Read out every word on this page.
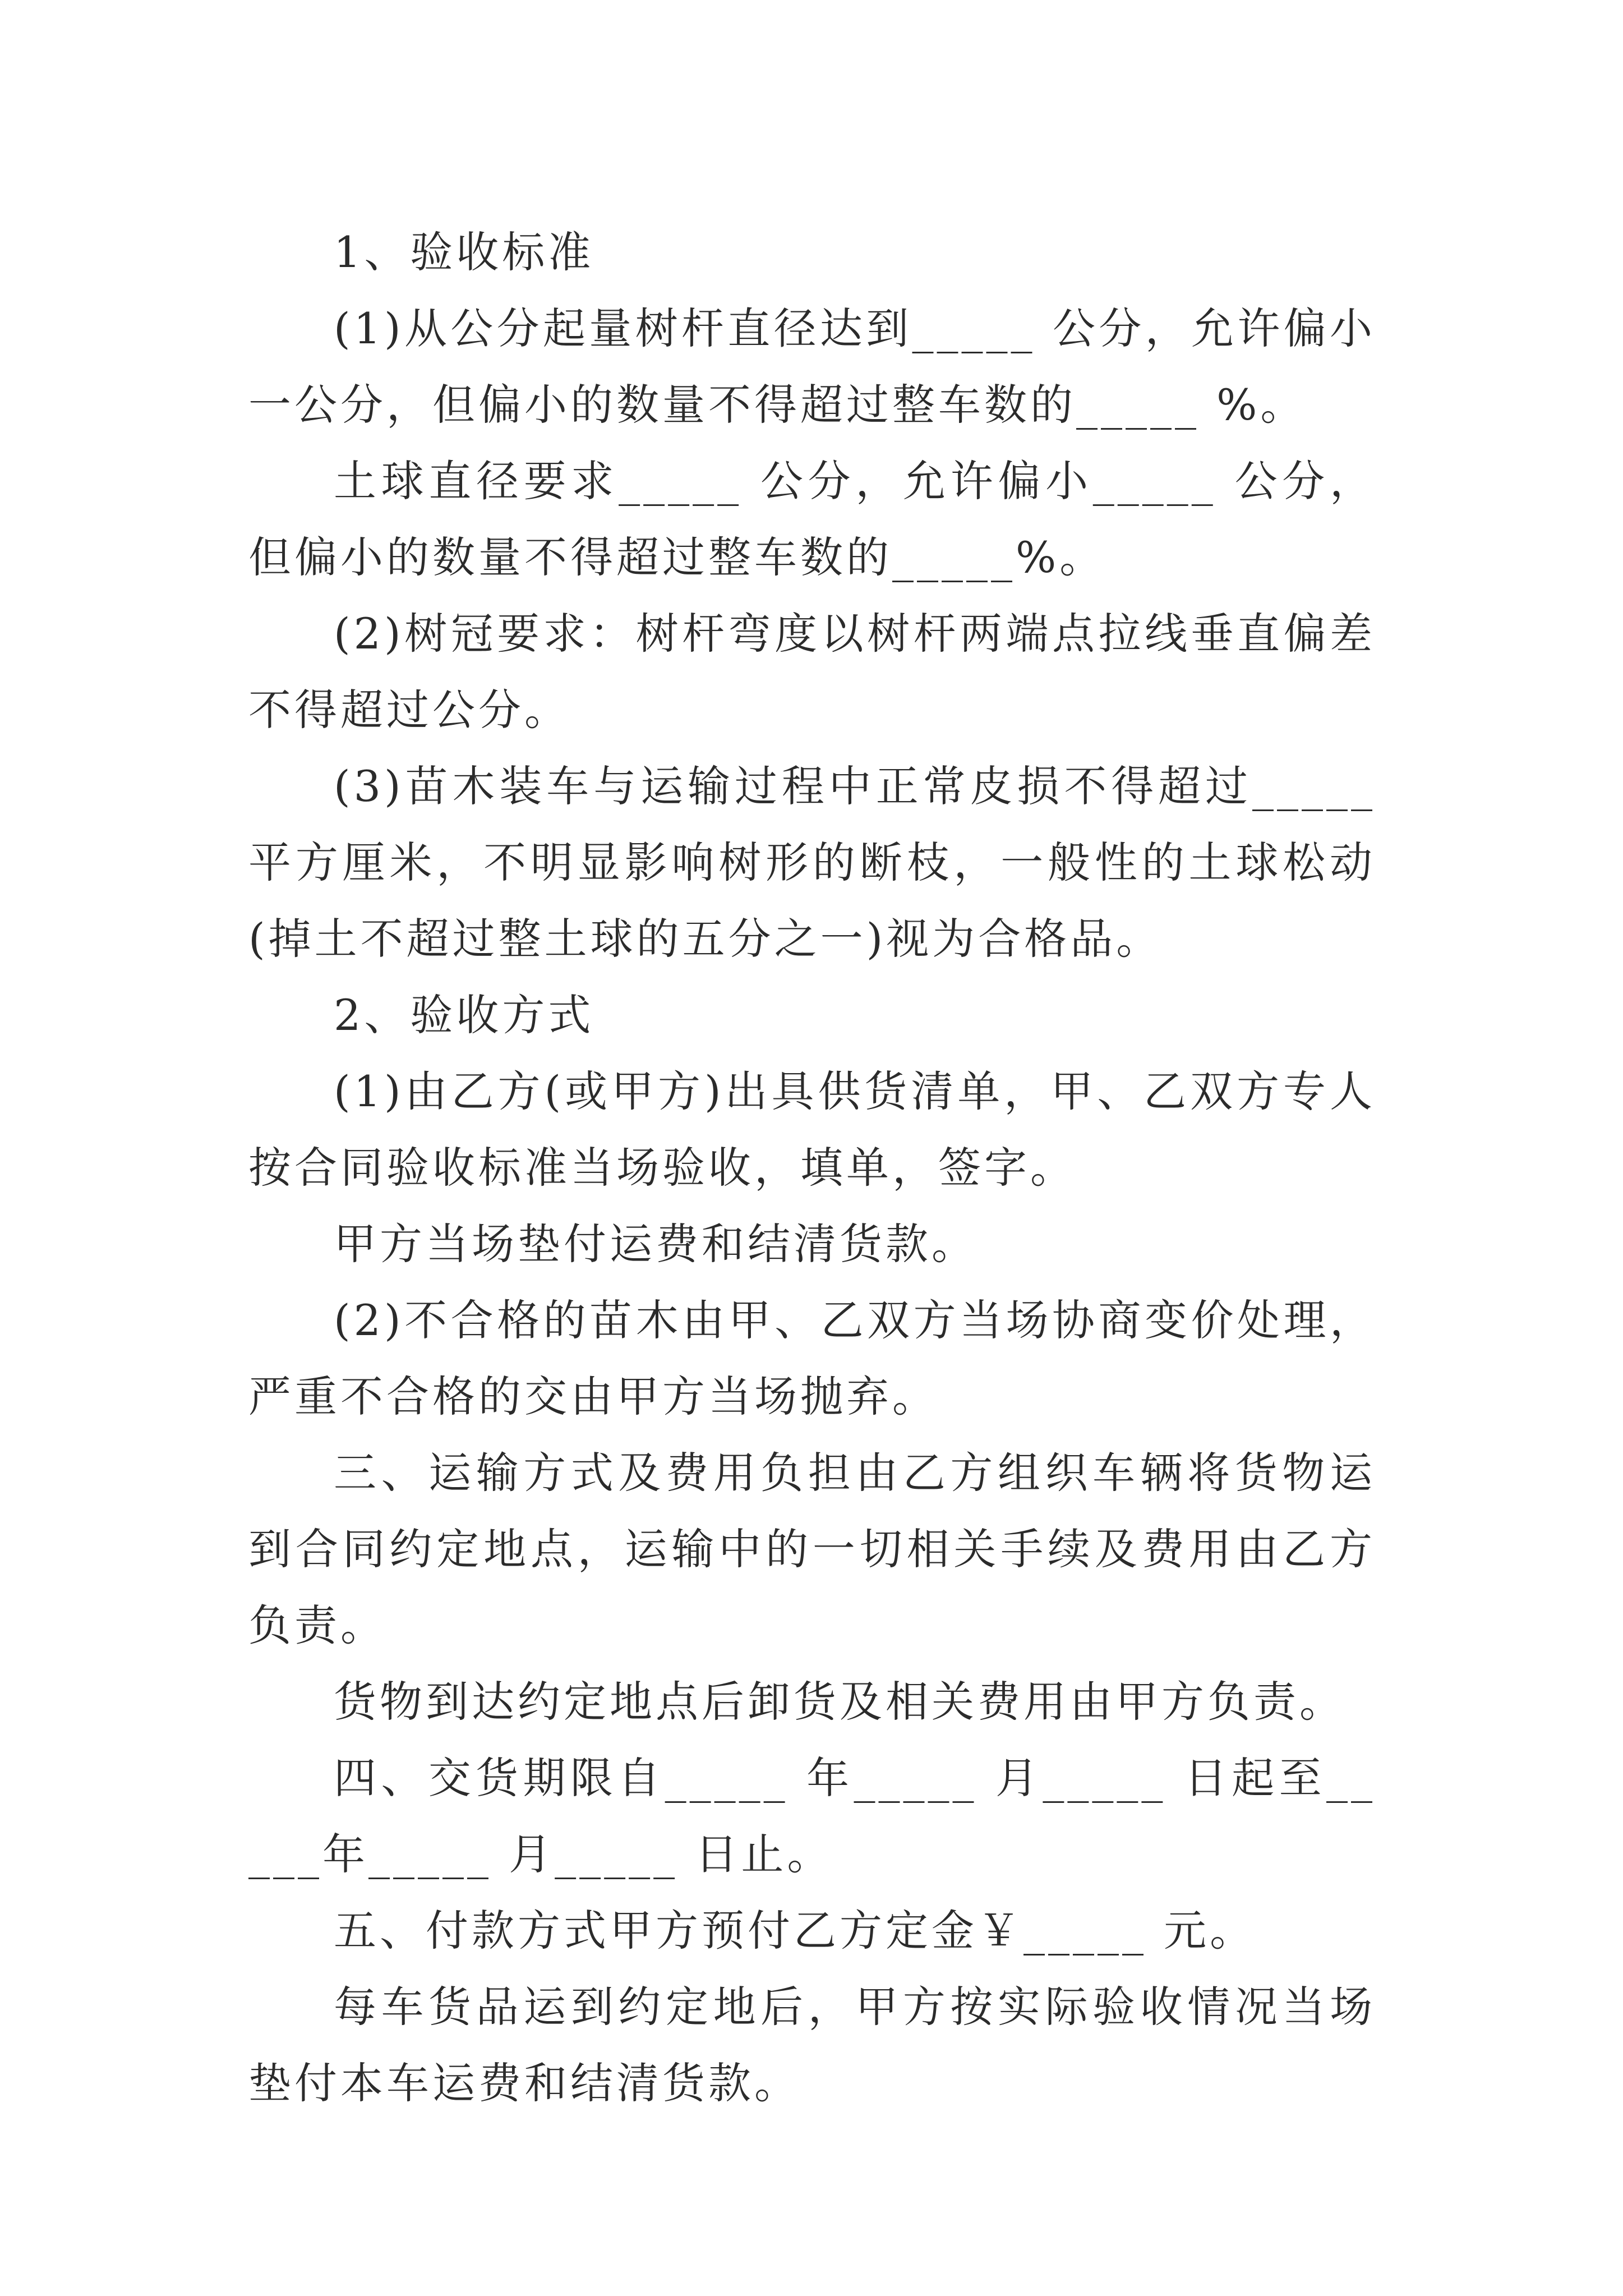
1、验收标准

(1)从公分起量树杆直径达到_____ 公分，允许偏小一公分，但偏小的数量不得超过整车数的_____ %。

土球直径要求_____ 公分，允许偏小_____ 公分，但偏小的数量不得超过整车数的_____%。

(2)树冠要求：树杆弯度以树杆两端点拉线垂直偏差不得超过公分。

(3)苗木装车与运输过程中正常皮损不得超过_____ 平方厘米，不明显影响树形的断枝，一般性的土球松动(掉土不超过整土球的五分之一)视为合格品。

2、验收方式

(1)由乙方(或甲方)出具供货清单，甲、乙双方专人按合同验收标准当场验收，填单，签字。

甲方当场垫付运费和结清货款。

(2)不合格的苗木由甲、乙双方当场协商变价处理，严重不合格的交由甲方当场抛弃。

三、运输方式及费用负担由乙方组织车辆将货物运到合同约定地点，运输中的一切相关手续及费用由乙方负责。

货物到达约定地点后卸货及相关费用由甲方负责。

四、交货期限自_____ 年_____ 月_____ 日起至_____年_____ 月_____ 日止。

五、付款方式甲方预付乙方定金￥_____ 元。

每车货品运到约定地后，甲方按实际验收情况当场垫付本车运费和结清货款。
